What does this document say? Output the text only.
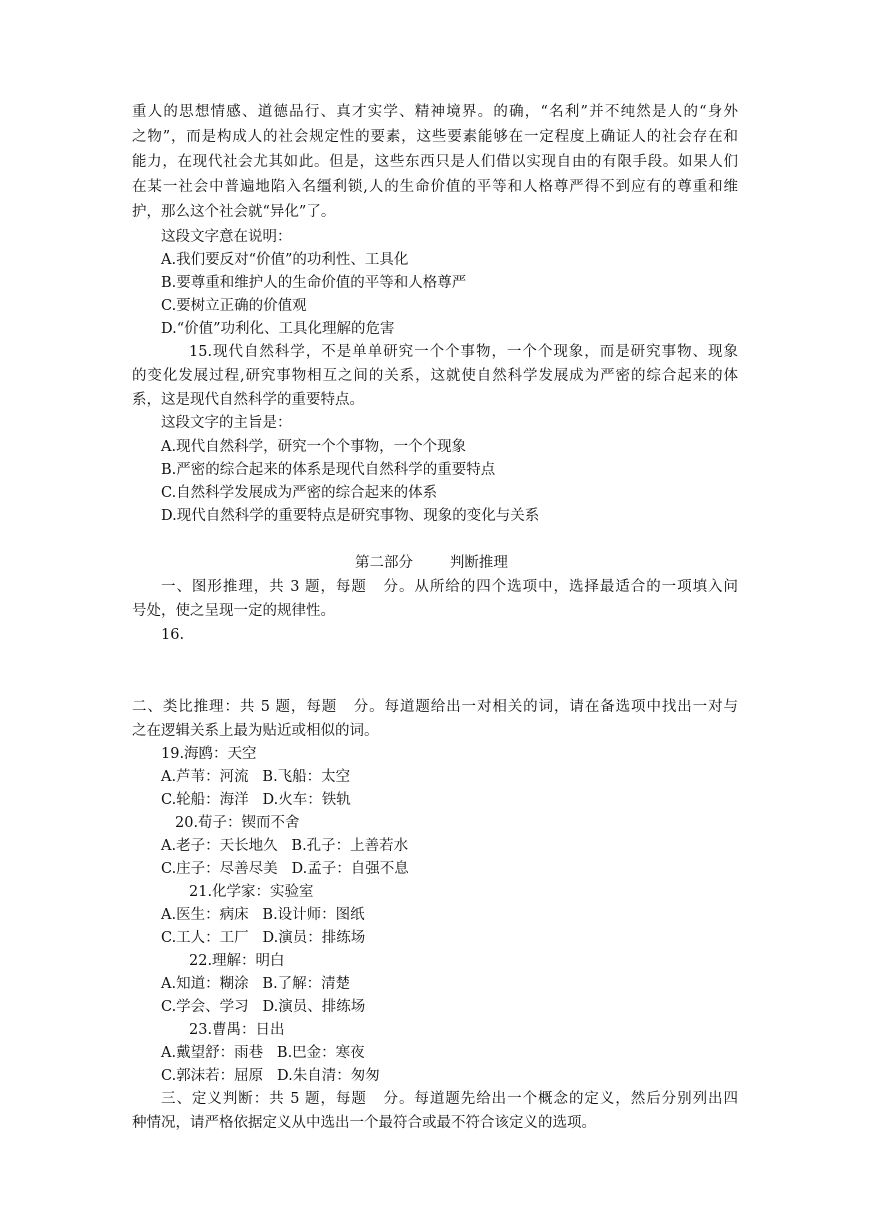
重人的思想情感、道德品行、真才实学、精神境界。的确，“名利”并不纯然是人的“身外
之物”，而是构成人的社会规定性的要素，这些要素能够在一定程度上确证人的社会存在和
能力，在现代社会尤其如此。但是，这些东西只是人们借以实现自由的有限手段。如果人们
在某一社会中普遍地陷入名缰利锁,人的生命价值的平等和人格尊严得不到应有的尊重和维
护，那么这个社会就“异化”了。
这段文字意在说明：
A.我们要反对“价值”的功利性、工具化
B.要尊重和维护人的生命价值的平等和人格尊严
C.要树立正确的价值观
D.“价值”功利化、工具化理解的危害
15.现代自然科学，不是单单研究一个个事物，一个个现象，而是研究事物、现象
的变化发展过程,研究事物相互之间的关系，这就使自然科学发展成为严密的综合起来的体
系，这是现代自然科学的重要特点。
这段文字的主旨是：
A.现代自然科学，研究一个个事物，一个个现象
B.严密的综合起来的体系是现代自然科学的重要特点
C.自然科学发展成为严密的综合起来的体系
D.现代自然科学的重要特点是研究事物、现象的变化与关系
第二部分        判断推理
一、图形推理，共 3 题，每题   分。从所给的四个选项中，选择最适合的一项填入问
号处，使之呈现一定的规律性。
16.
二、类比推理：共 5 题，每题   分。每道题给出一对相关的词，请在备选项中找出一对与
之在逻辑关系上最为贴近或相似的词。
19.海鸥：天空
A.芦苇：河流   B.飞船：太空
C.轮船：海洋   D.火车：铁轨
20.荀子：锲而不舍
A.老子：天长地久   B.孔子：上善若水
C.庄子：尽善尽美   D.孟子：自强不息
21.化学家：实验室
A.医生：病床   B.设计师：图纸
C.工人：工厂   D.演员：排练场
22.理解：明白
A.知道：糊涂   B.了解：清楚
C.学会、学习   D.演员、排练场
23.曹禺：日出
A.戴望舒：雨巷   B.巴金：寒夜
C.郭沫若：屈原   D.朱自清：匆匆
三、定义判断：共 5 题，每题   分。每道题先给出一个概念的定义，然后分别列出四
种情况，请严格依据定义从中选出一个最符合或最不符合该定义的选项。
